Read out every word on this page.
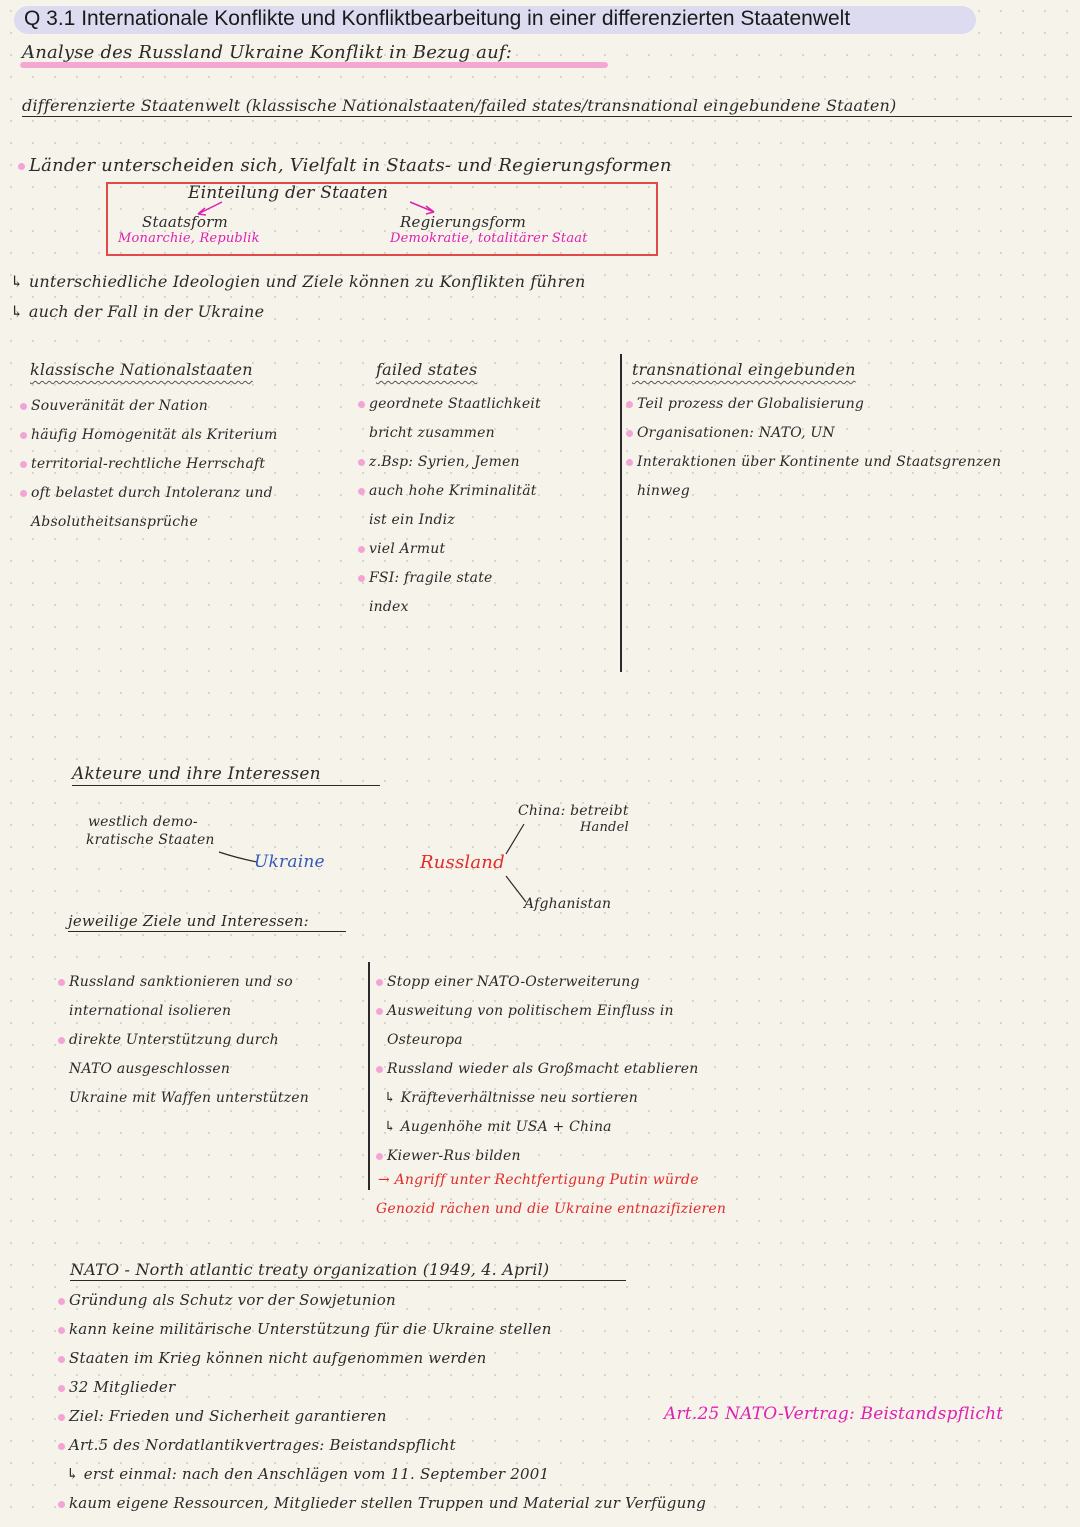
Q 3.1 Internationale Konflikte und Konfliktbearbeitung in einer differenzierten Staatenwelt
Analyse des Russland Ukraine Konflikt in Bezug auf:
differenzierte Staatenwelt (klassische Nationalstaaten/failed states/transnational eingebundene Staaten)
Länder unterscheiden sich, Vielfalt in Staats- und Regierungsformen
Einteilung der Staaten
Staatsform
Monarchie, Republik
Regierungsform
Demokratie, totalitärer Staat
↳ unterschiedliche Ideologien und Ziele können zu Konflikten führen
↳ auch der Fall in der Ukraine
klassische Nationalstaaten
Souveränität der Nation
häufig Homogenität als Kriterium
territorial-rechtliche Herrschaft
oft belastet durch Intoleranz und
Absolutheitsansprüche
failed states
geordnete Staatlichkeit
bricht zusammen
z.Bsp: Syrien, Jemen
auch hohe Kriminalität
ist ein Indiz
viel Armut
FSI: fragile state
index
transnational eingebunden
Teil prozess der Globalisierung
Organisationen: NATO, UN
Interaktionen über Kontinente und Staatsgrenzen
hinweg
Akteure und ihre Interessen
westlich demo-
kratische Staaten
Ukraine	Russland
China: betreibt
Handel
Afghanistan
jeweilige Ziele und Interessen:
Russland sanktionieren und so
international isolieren
direkte Unterstützung durch
NATO ausgeschlossen
Ukraine mit Waffen unterstützen
Stopp einer NATO-Osterweiterung
Ausweitung von politischem Einfluss in
Osteuropa
Russland wieder als Großmacht etablieren
↳ Kräfteverhältnisse neu sortieren
↳ Augenhöhe mit USA + China
Kiewer-Rus bilden
→ Angriff unter Rechtfertigung Putin würde
Genozid rächen und die Ukraine entnazifizieren
NATO - North atlantic treaty organization (1949, 4. April)
Gründung als Schutz vor der Sowjetunion
kann keine militärische Unterstützung für die Ukraine stellen
Staaten im Krieg können nicht aufgenommen werden
32 Mitglieder
Ziel: Frieden und Sicherheit garantieren
Art.5 des Nordatlantikvertrages: Beistandspflicht
↳ erst einmal: nach den Anschlägen vom 11. September 2001
kaum eigene Ressourcen, Mitglieder stellen Truppen und Material zur Verfügung
Art.25 NATO-Vertrag: Beistandspflicht
